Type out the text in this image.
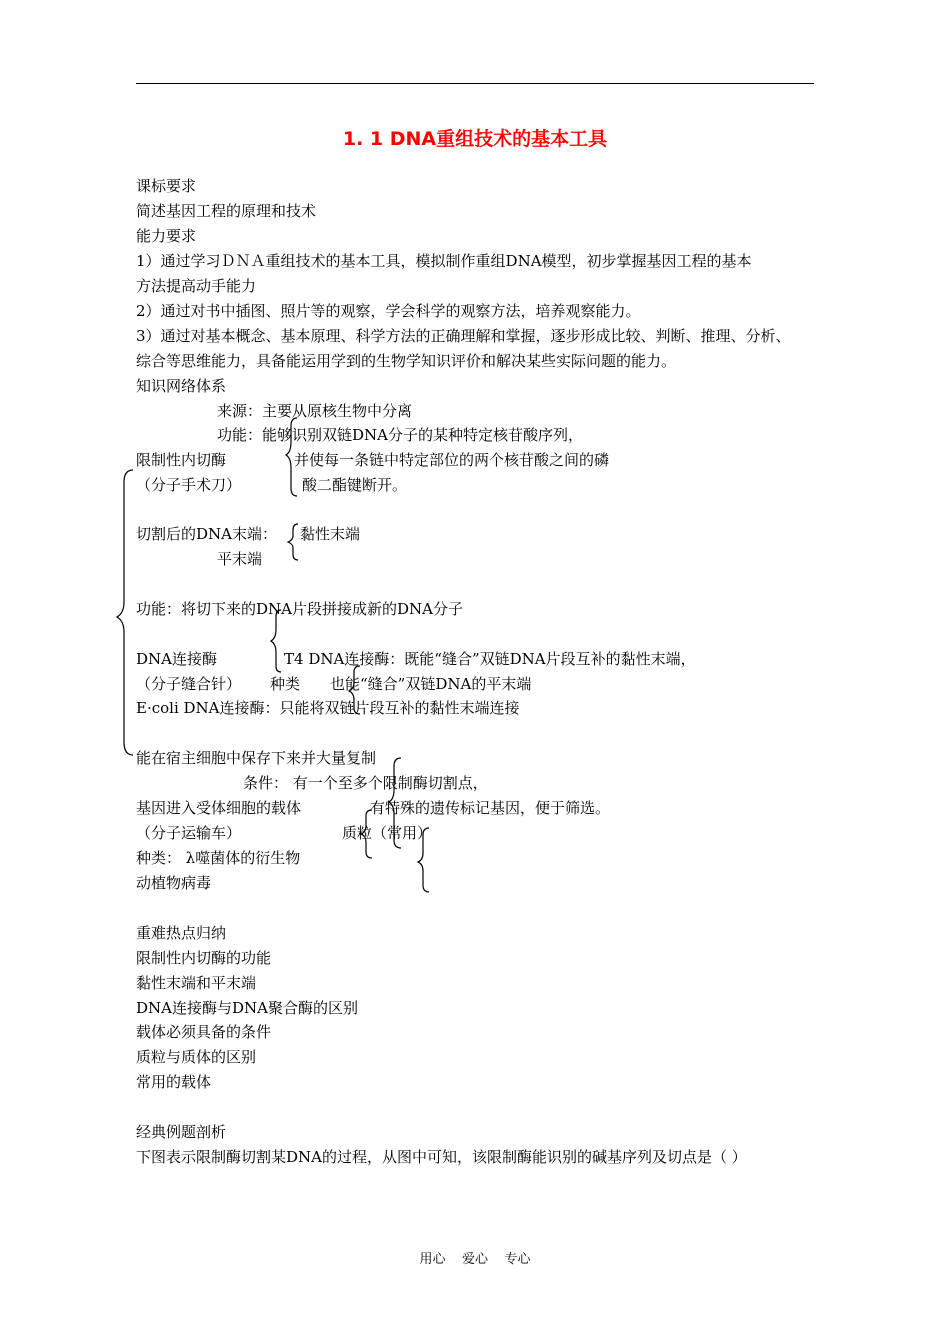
1. 1 DNA重组技术的基本工具
课标要求
简述基因工程的原理和技术
能力要求
1）通过学习ＤＮＡ重组技术的基本工具，模拟制作重组DNA模型，初步掌握基因工程的基本
方法提高动手能力
2）通过对书中插图、照片等的观察，学会科学的观察方法，培养观察能力。
3）通过对基本概念、基本原理、科学方法的正确理解和掌握，逐步形成比较、判断、推理、分析、
综合等思维能力，具备能运用学到的生物学知识评价和解决某些实际问题的能力。
知识网络体系
来源：主要从原核生物中分离
功能：能够识别双链DNA分子的某种特定核苷酸序列，
限制性内切酶	并使每一条链中特定部位的两个核苷酸之间的磷
（分子手术刀）	酸二酯键断开。
切割后的DNA末端： 黏性末端
平末端
功能：将切下来的DNA片段拼接成新的DNA分子
DNA连接酶	T4 DNA连接酶：既能“缝合”双链DNA片段互补的黏性末端，
（分子缝合针） 种类 也能“缝合”双链DNA的平末端
E·coli DNA连接酶：只能将双链片段互补的黏性末端连接
能在宿主细胞中保存下来并大量复制
条件： 有一个至多个限制酶切割点，
基因进入受体细胞的载体	有特殊的遗传标记基因，便于筛选。
（分子运输车）	质粒（常用）
种类： λ噬菌体的衍生物
动植物病毒
重难热点归纳
限制性内切酶的功能
黏性末端和平末端
DNA连接酶与DNA聚合酶的区别
载体必须具备的条件
质粒与质体的区别
常用的载体
经典例题剖析
下图表示限制酶切割某DNA的过程，从图中可知，该限制酶能识别的碱基序列及切点是（ ）
用心    爱心    专心
